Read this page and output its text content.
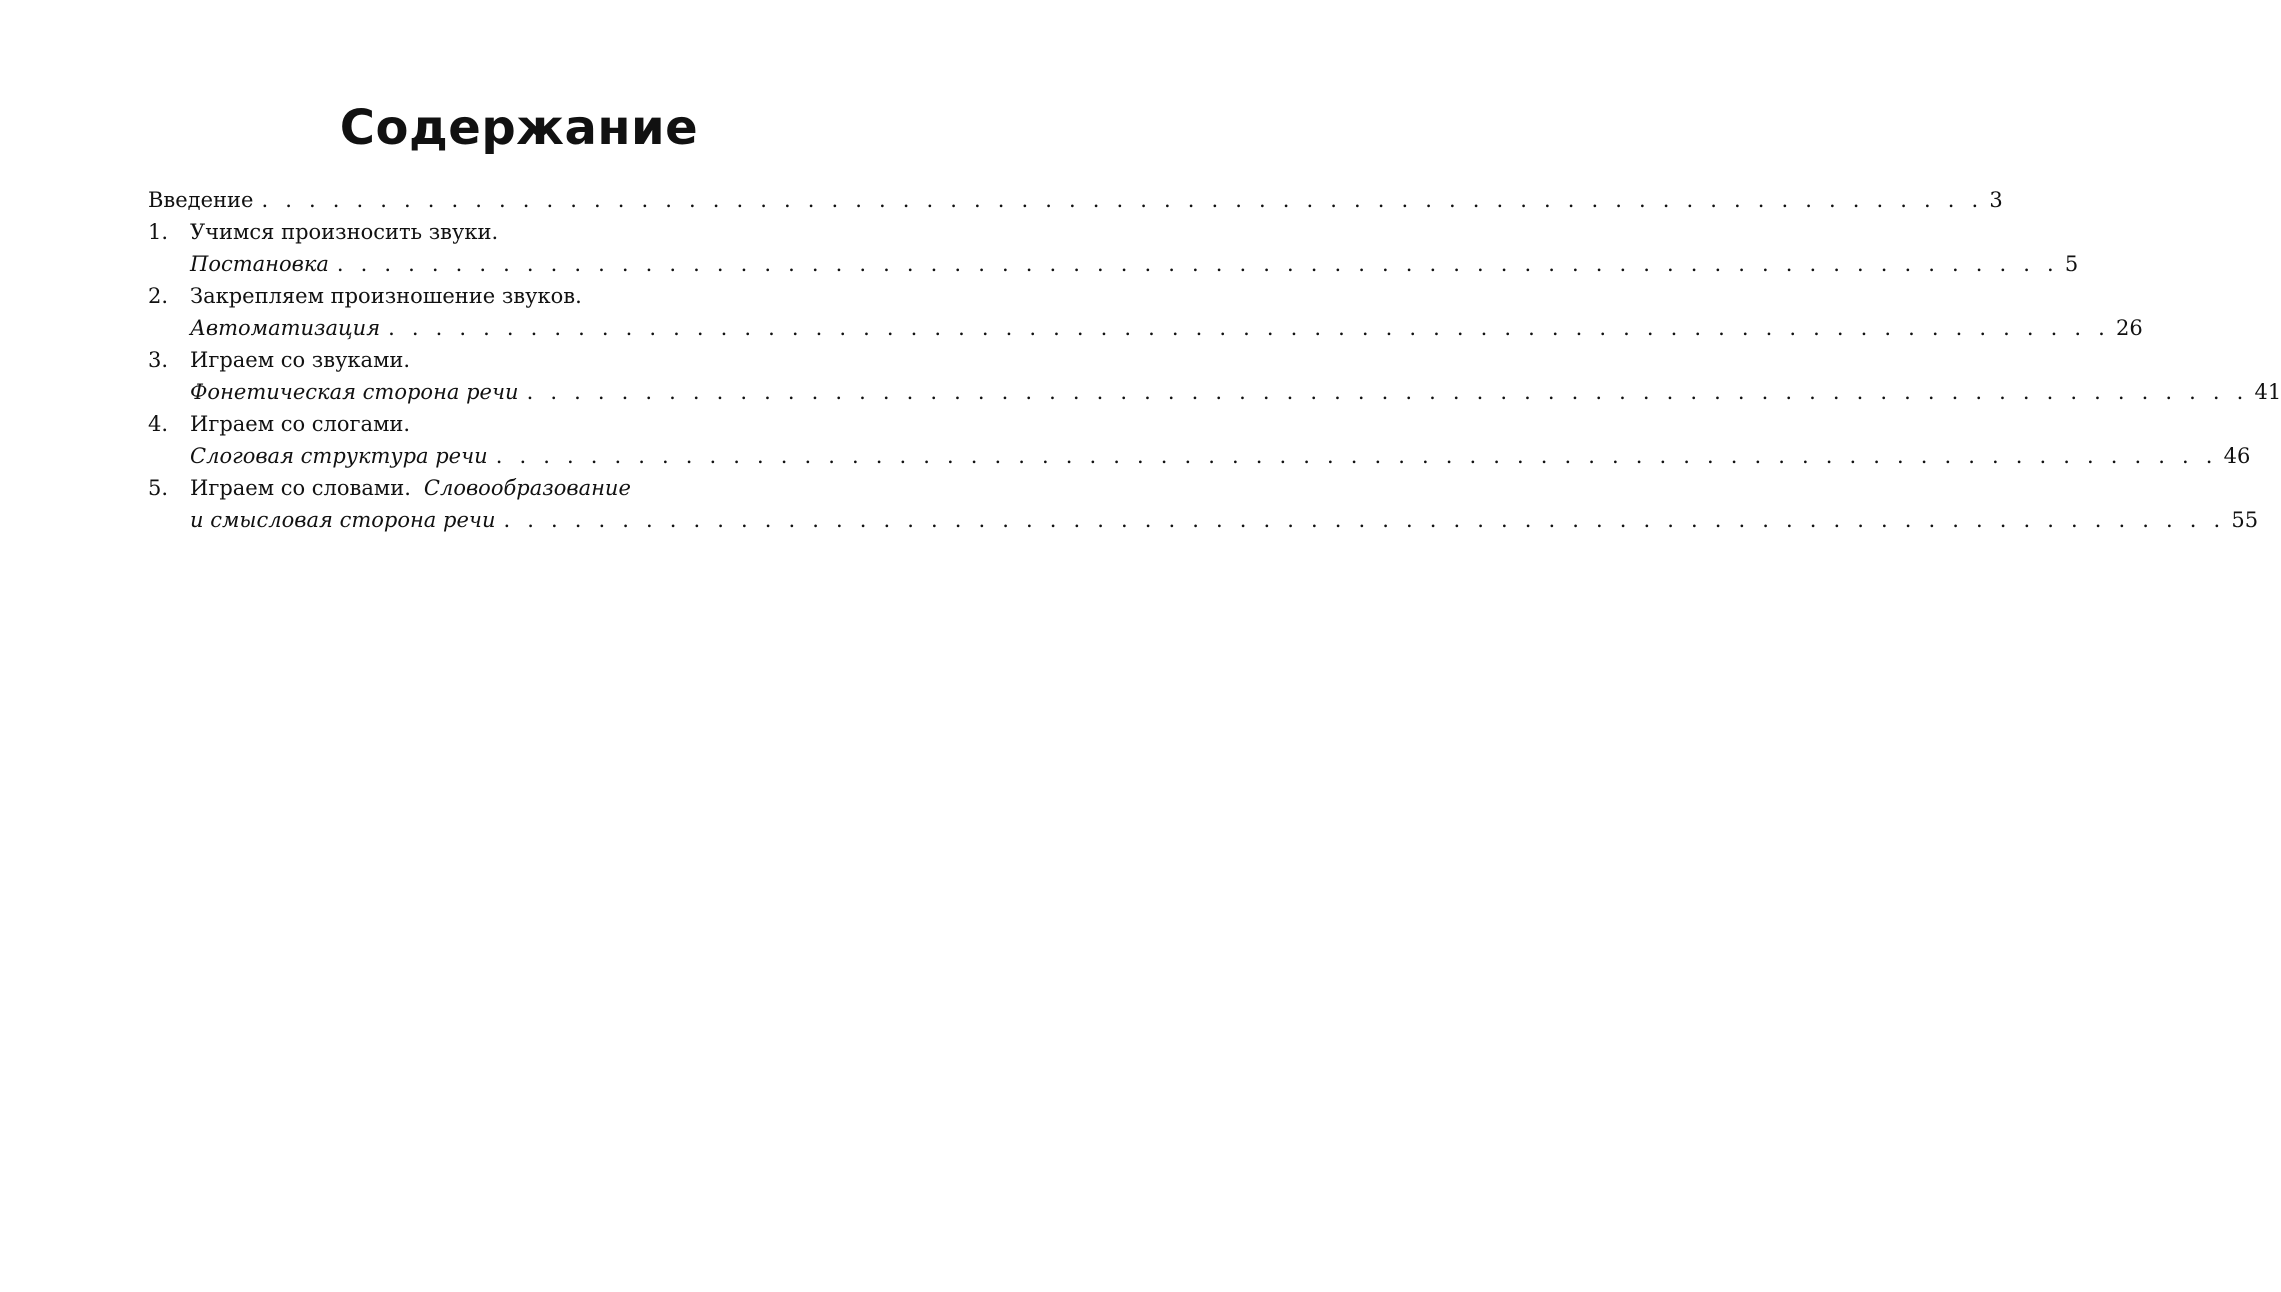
Содержание
Введение . . . . . . . . . . . . . . . . . . . . . . . . . . . . . . . . . . . . . . . . . . . . . . . . . . . . . . . . . . . . . . . . . . . . . . . . . 3
1.	Учимся произносить звуки.
Постановка . . . . . . . . . . . . . . . . . . . . . . . . . . . . . . . . . . . . . . . . . . . . . . . . . . . . . . . . . . . . . . . . . . . . . . . . . 5
2.	Закрепляем произношение звуков.
Автоматизация . . . . . . . . . . . . . . . . . . . . . . . . . . . . . . . . . . . . . . . . . . . . . . . . . . . . . . . . . . . . . . . . . . . . . . . . . 26
3.	Играем со звуками.
Фонетическая сторона речи . . . . . . . . . . . . . . . . . . . . . . . . . . . . . . . . . . . . . . . . . . . . . . . . . . . . . . . . . . . . . . . . . . . . . . . . . 41
4.	Играем со слогами.
Слоговая структура речи . . . . . . . . . . . . . . . . . . . . . . . . . . . . . . . . . . . . . . . . . . . . . . . . . . . . . . . . . . . . . . . . . . . . . . . . . 46
5.	Играем со словами. Словообразование
и смысловая сторона речи . . . . . . . . . . . . . . . . . . . . . . . . . . . . . . . . . . . . . . . . . . . . . . . . . . . . . . . . . . . . . . . . . . . . . . . . . 55
